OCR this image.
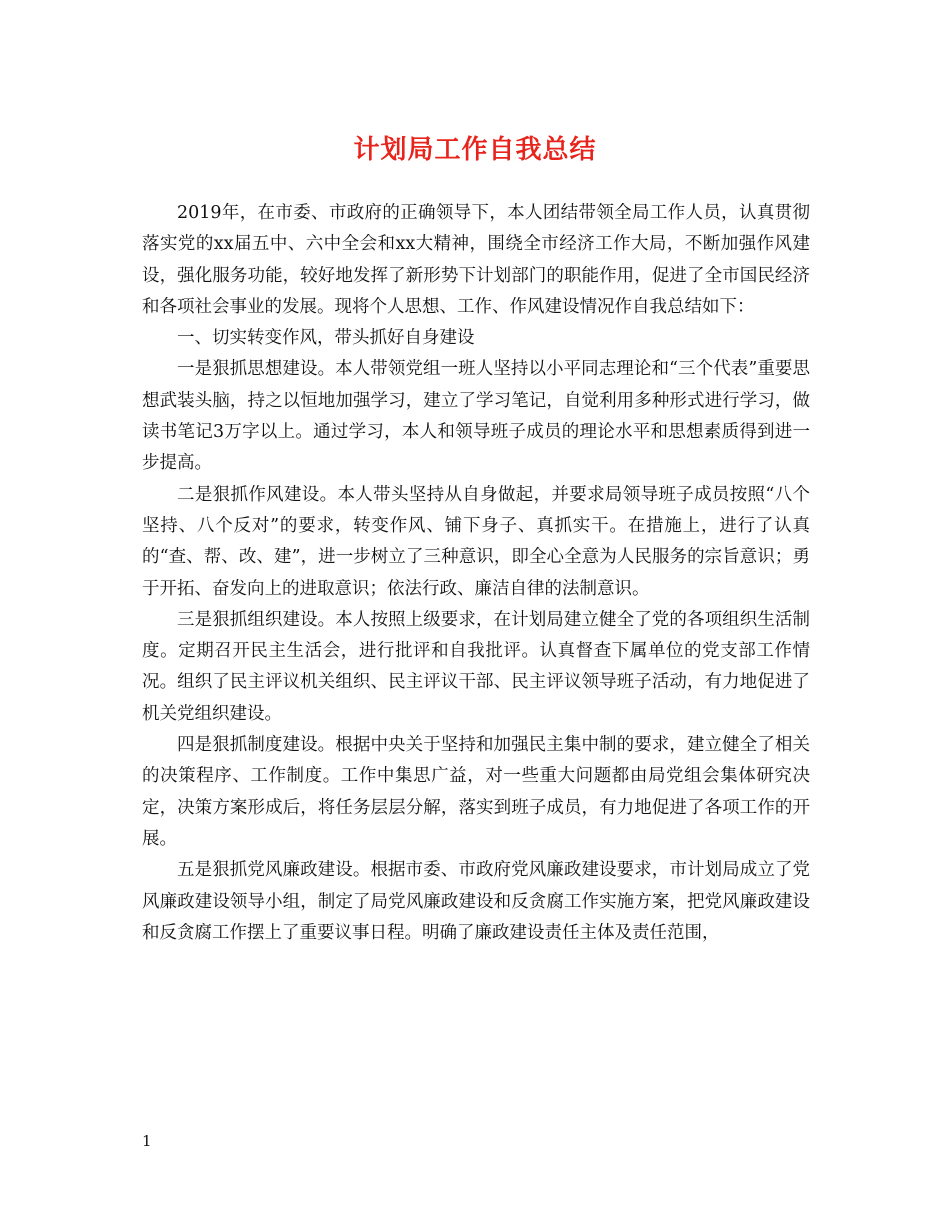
计划局工作自我总结

2019年，在市委、市政府的正确领导下，本人团结带领全局工作人员，认真贯彻落实党的xx届五中、六中全会和xx大精神，围绕全市经济工作大局，不断加强作风建设，强化服务功能，较好地发挥了新形势下计划部门的职能作用，促进了全市国民经济和各项社会事业的发展。现将个人思想、工作、作风建设情况作自我总结如下：

一、切实转变作风，带头抓好自身建设

一是狠抓思想建设。本人带领党组一班人坚持以小平同志理论和“三个代表”重要思想武装头脑，持之以恒地加强学习，建立了学习笔记，自觉利用多种形式进行学习，做读书笔记3万字以上。通过学习，本人和领导班子成员的理论水平和思想素质得到进一步提高。

二是狠抓作风建设。本人带头坚持从自身做起，并要求局领导班子成员按照“八个坚持、八个反对”的要求，转变作风、铺下身子、真抓实干。在措施上，进行了认真的“查、帮、改、建”，进一步树立了三种意识，即全心全意为人民服务的宗旨意识；勇于开拓、奋发向上的进取意识；依法行政、廉洁自律的法制意识。

三是狠抓组织建设。本人按照上级要求，在计划局建立健全了党的各项组织生活制度。定期召开民主生活会，进行批评和自我批评。认真督查下属单位的党支部工作情况。组织了民主评议机关组织、民主评议干部、民主评议领导班子活动，有力地促进了机关党组织建设。

四是狠抓制度建设。根据中央关于坚持和加强民主集中制的要求，建立健全了相关的决策程序、工作制度。工作中集思广益，对一些重大问题都由局党组会集体研究决定，决策方案形成后，将任务层层分解，落实到班子成员，有力地促进了各项工作的开展。

五是狠抓党风廉政建设。根据市委、市政府党风廉政建设要求，市计划局成立了党风廉政建设领导小组，制定了局党风廉政建设和反贪腐工作实施方案，把党风廉政建设和反贪腐工作摆上了重要议事日程。明确了廉政建设责任主体及责任范围，

1
